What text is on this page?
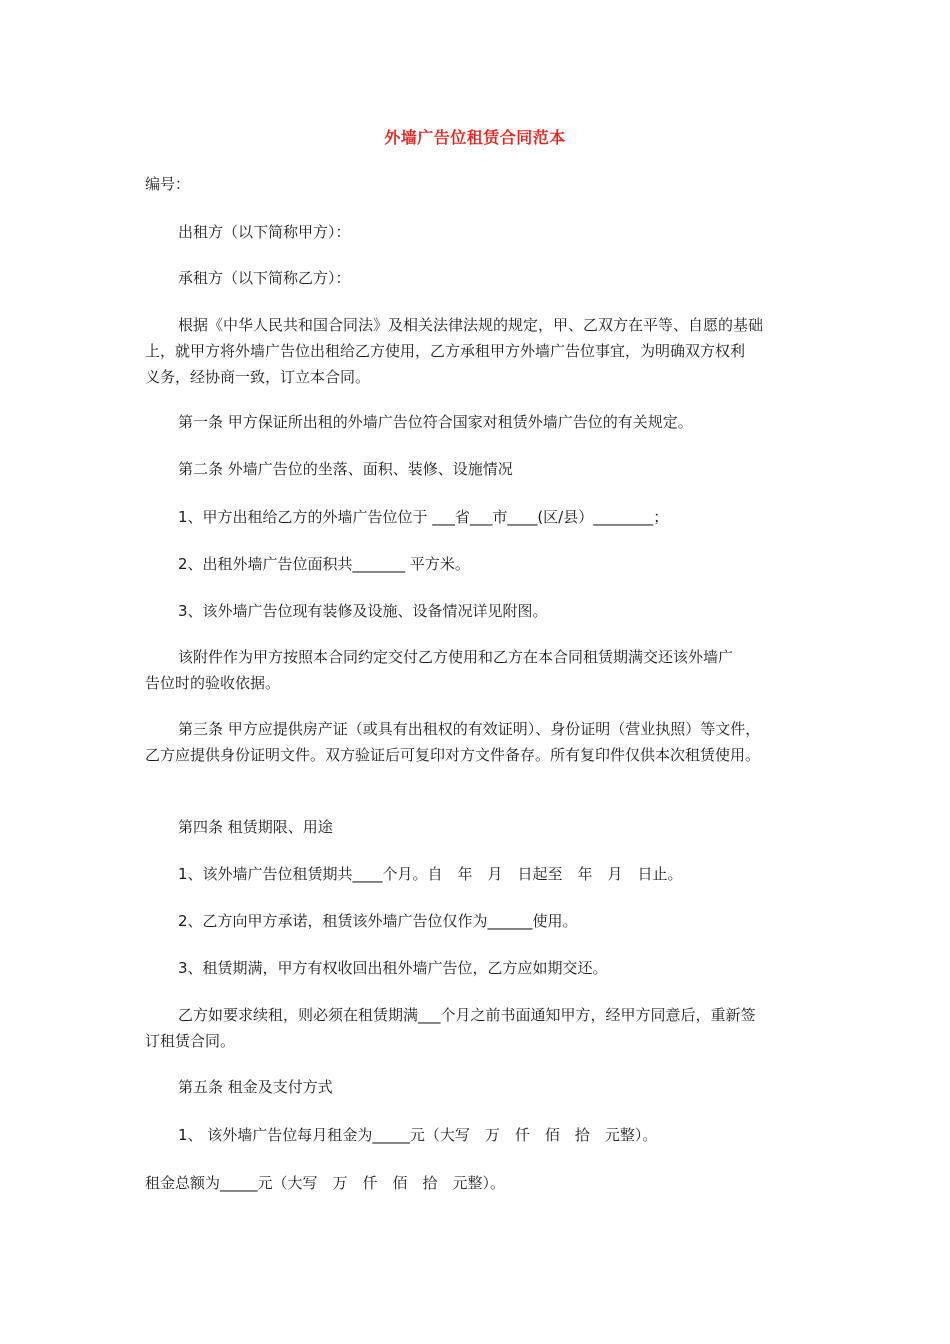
外墙广告位租赁合同范本
编号：
出租方（以下简称甲方）：
承租方（以下简称乙方）：
根据《中华人民共和国合同法》及相关法律法规的规定，甲、乙双方在平等、自愿的基础
上，就甲方将外墙广告位出租给乙方使用，乙方承租甲方外墙广告位事宜，为明确双方权利
义务，经协商一致，订立本合同。
第一条 甲方保证所出租的外墙广告位符合国家对租赁外墙广告位的有关规定。
第二条 外墙广告位的坐落、面积、装修、设施情况
1、甲方出租给乙方的外墙广告位位于 ___省___市____(区/县）________；
2、出租外墙广告位面积共_______ 平方米。
3、该外墙广告位现有装修及设施、设备情况详见附图。
该附件作为甲方按照本合同约定交付乙方使用和乙方在本合同租赁期满交还该外墙广
告位时的验收依据。
第三条 甲方应提供房产证（或具有出租权的有效证明）、身份证明（营业执照）等文件，
乙方应提供身份证明文件。双方验证后可复印对方文件备存。所有复印件仅供本次租赁使用。
第四条 租赁期限、用途
1、该外墙广告位租赁期共____个月。自　年　月　日起至　年　月　日止。
2、乙方向甲方承诺，租赁该外墙广告位仅作为______使用。
3、租赁期满，甲方有权收回出租外墙广告位，乙方应如期交还。
乙方如要求续租，则必须在租赁期满___个月之前书面通知甲方，经甲方同意后，重新签
订租赁合同。
第五条 租金及支付方式
1、 该外墙广告位每月租金为_____元（大写　万　仟　佰　拾　元整）。
租金总额为_____元（大写　万　仟　佰　拾　元整）。
